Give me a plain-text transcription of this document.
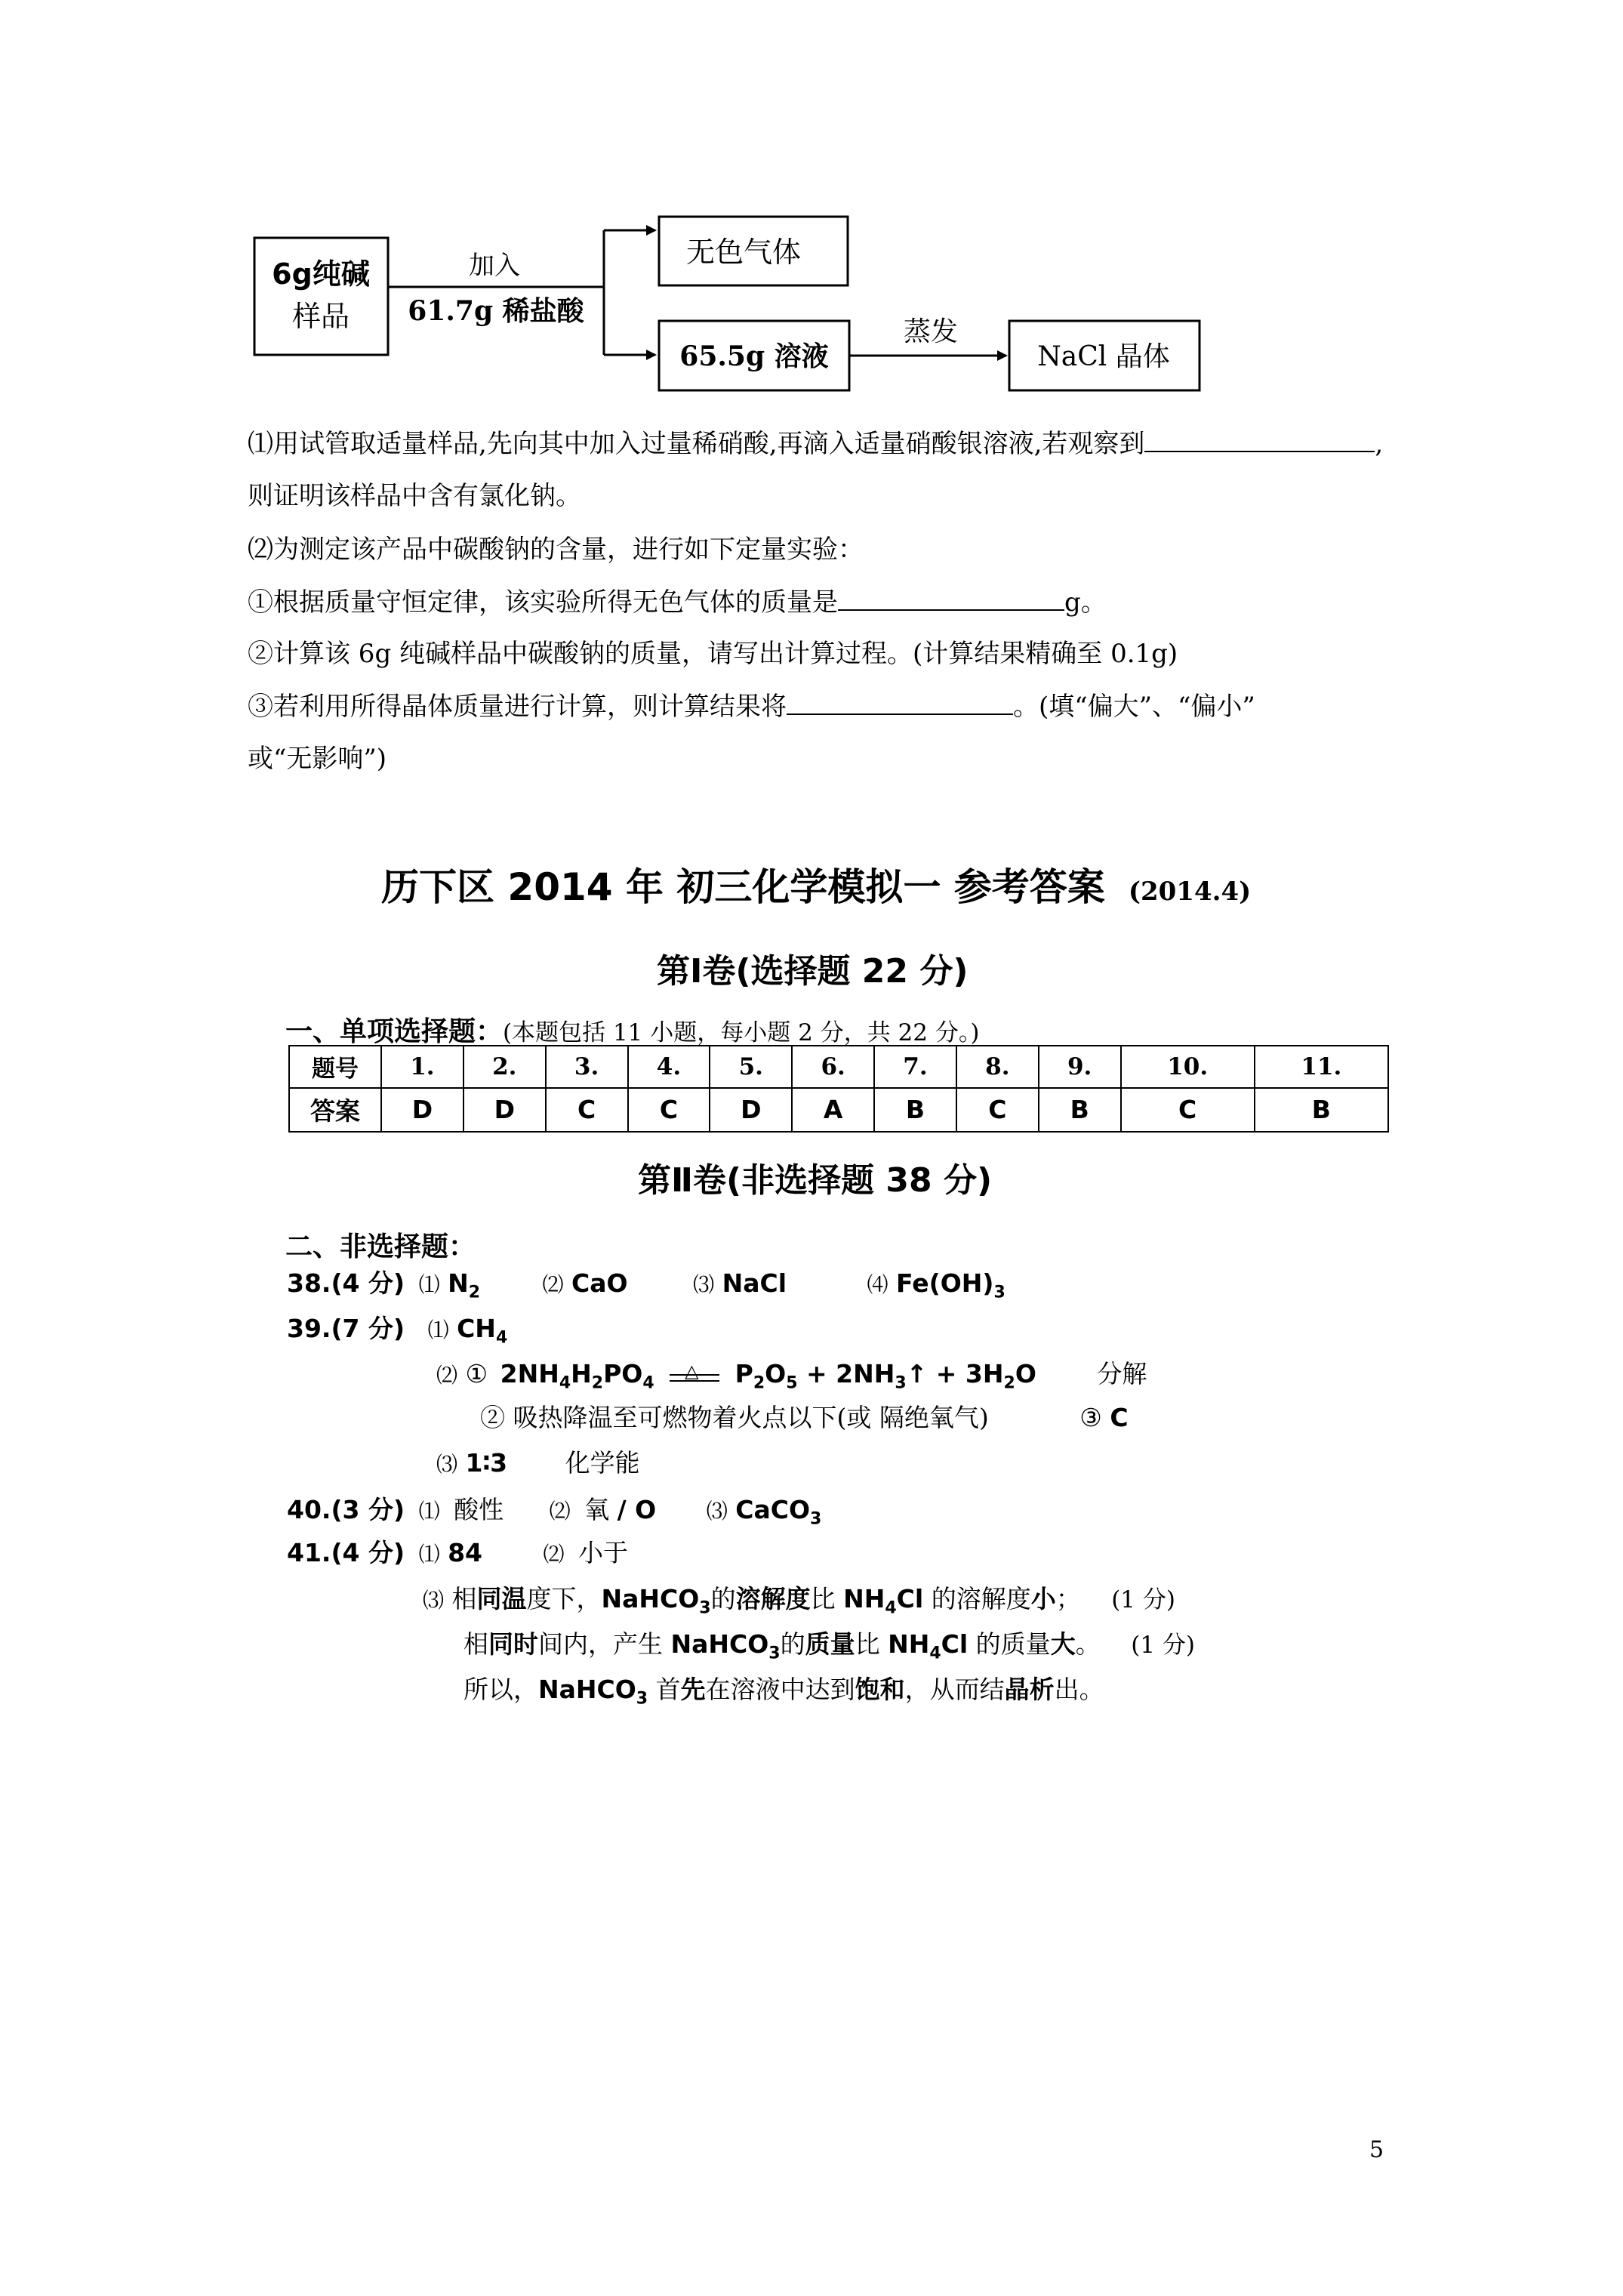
6g纯碱
样品
加入
61.7g 稀盐酸
无色气体
65.5g 溶液
蒸发
NaCl 晶体
⑴用试管取适量样品,先向其中加入过量稀硝酸,再滴入适量硝酸银溶液,若观察到	,
则证明该样品中含有氯化钠。
⑵为测定该产品中碳酸钠的含量，进行如下定量实验：
①根据质量守恒定律，该实验所得无色气体的质量是	g。
②计算该 6g 纯碱样品中碳酸钠的质量，请写出计算过程。(计算结果精确至 0.1g)
③若利用所得晶体质量进行计算，则计算结果将	。(填“偏大”、“偏小”
或“无影响”)
历下区 2014 年 初三化学模拟一 参考答案 (2014.4)
第Ⅰ卷(选择题 22 分)
一、单项选择题：(本题包括 11 小题，每小题 2 分，共 22 分。)
题号	1.	2.	3.	4.	5.	6.	7.	8.	9.	10.	11.
答案	D	D	C	C	D	A	B	C	B	C	B
第Ⅱ卷(非选择题 38 分)
二、非选择题：
38.(4 分) ⑴ $N_2$	⑵ CaO	⑶ NaCl	⑷ $Fe(OH)_3$
39.(7 分) ⑴ $CH_4$
⑵ ① $2NH_4H_2PO_4$
△ $P_2O_5$ + $2NH_3↑ + 3H_2O$ 分解
② 吸热降温至可燃物着火点以下(或 隔绝氧气)	③ C
⑶ 1∶3 化学能
40.(3 分) ⑴ 酸性 ⑵ 氧 / O ⑶ CaCO$_3$
41.(4 分) ⑴ 84	⑵ 小于
⑶ 相同温度下，NaHCO$_3$的溶解度比 $NH_4Cl$ 的溶解度小； (1 分)
相同时间内，产生 NaHCO$_3$的质量比 $NH_4Cl$ 的质量大。 (1 分)
所以，NaHCO$_3$ 首先在溶液中达到饱和，从而结晶析出。
5
